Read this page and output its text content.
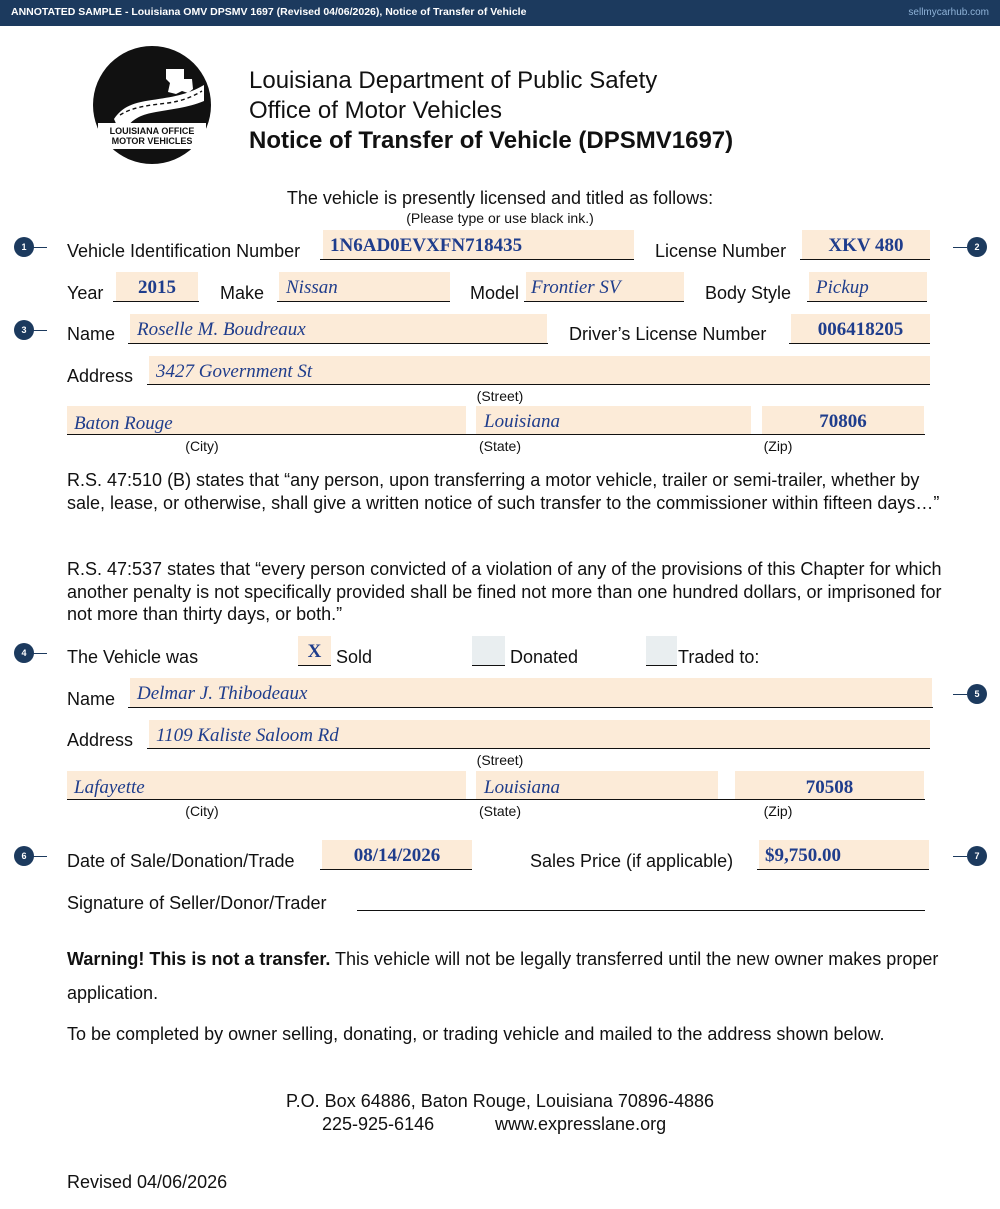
ANNOTATED SAMPLE - Louisiana OMV DPSMV 1697 (Revised 04/06/2026), Notice of Transfer of Vehicle	sellmycarhub.com
LOUISIANA OFFICE
MOTOR VEHICLES
Louisiana Department of Public Safety
Office of Motor Vehicles
Notice of Transfer of Vehicle (DPSMV1697)
The vehicle is presently licensed and titled as follows:
(Please type or use black ink.)
1	2
3
4
5
6	7
Vehicle Identification Number 1N6AD0EVXFN718435	License Number	XKV 480
Year	2015	Make Nissan	Model Frontier SV	Body Style Pickup
Name Roselle M. Boudreaux	Driver’s License Number	006418205
Address 3427 Government St
(Street)
Baton Rouge	Louisiana	70806
(City)	(State)	(Zip)
R.S. 47:510 (B) states that “any person, upon transferring a motor vehicle, trailer or semi-trailer, whether by sale, lease, or otherwise, shall give a written notice of such transfer to the commissioner within fifteen days…”
R.S. 47:537 states that “every person convicted of a violation of any of the provisions of this Chapter for which another penalty is not specifically provided shall be fined not more than one hundred dollars, or imprisoned for not more than thirty days, or both.”
The Vehicle was	X Sold	Donated	Traded to:
Name Delmar J. Thibodeaux
Address 1109 Kaliste Saloom Rd
(Street)
Lafayette	Louisiana	70508
(City)	(State)	(Zip)
Date of Sale/Donation/Trade	08/14/2026	Sales Price (if applicable) $9,750.00
Signature of Seller/Donor/Trader
Warning! This is not a transfer. This vehicle will not be legally transferred until the new owner makes proper application.
To be completed by owner selling, donating, or trading vehicle and mailed to the address shown below.
P.O. Box 64886, Baton Rouge, Louisiana 70896-4886
225-925-6146	www.expresslane.org
Revised 04/06/2026
